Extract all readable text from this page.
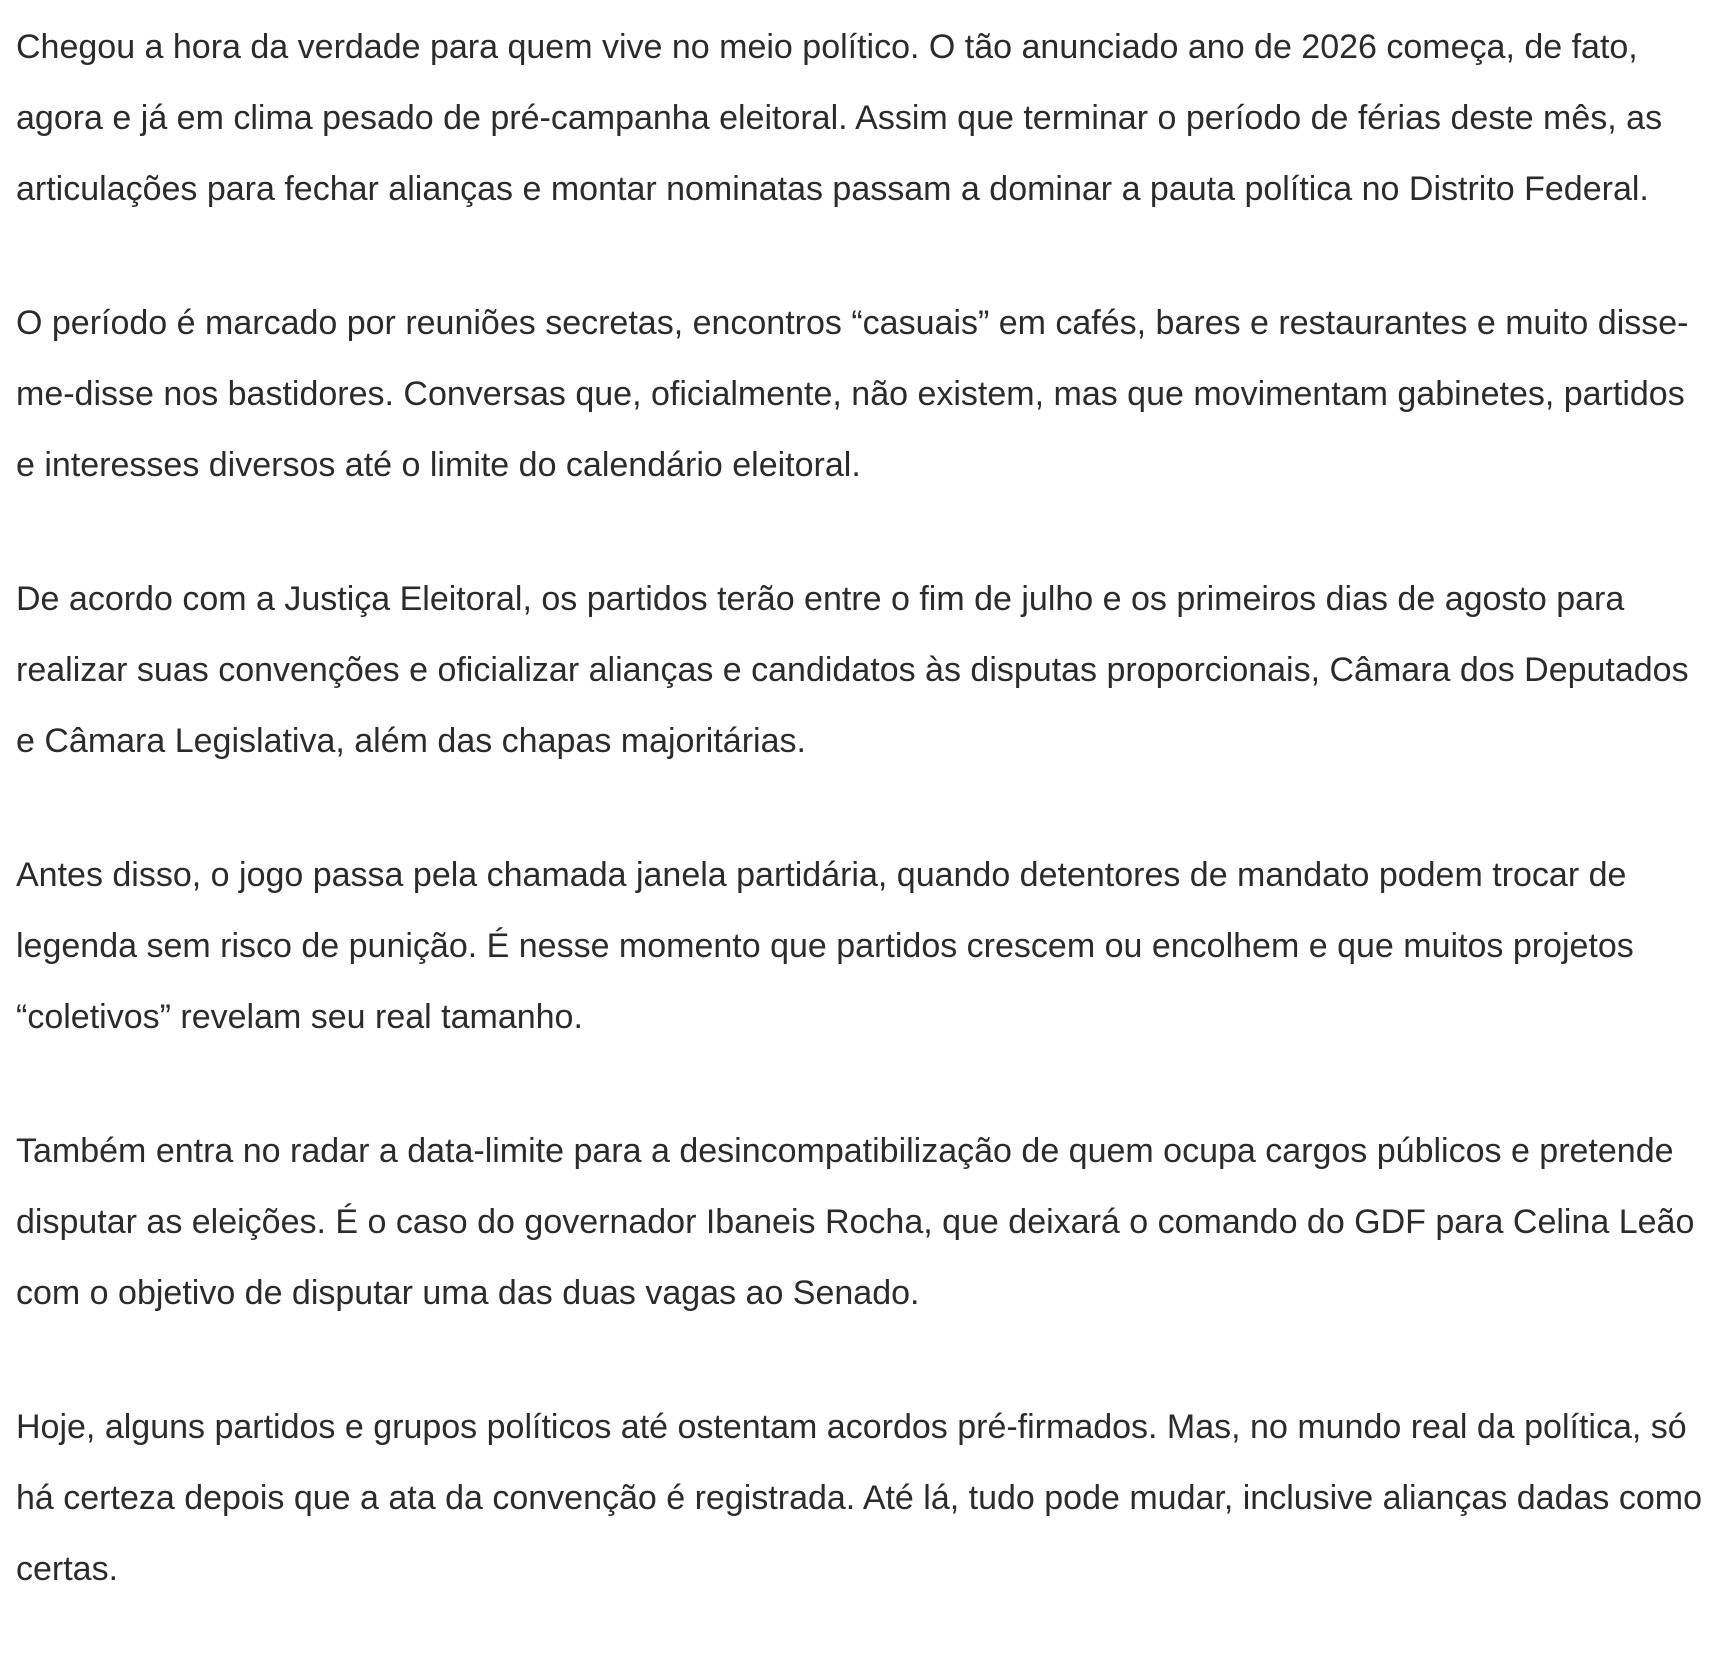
Chegou a hora da verdade para quem vive no meio político. O tão anunciado ano de 2026 começa, de fato, agora e já em clima pesado de pré-campanha eleitoral. Assim que terminar o período de férias deste mês, as articulações para fechar alianças e montar nominatas passam a dominar a pauta política no Distrito Federal.

O período é marcado por reuniões secretas, encontros “casuais” em cafés, bares e restaurantes e muito disse-me-disse nos bastidores. Conversas que, oficialmente, não existem, mas que movimentam gabinetes, partidos e interesses diversos até o limite do calendário eleitoral.

De acordo com a Justiça Eleitoral, os partidos terão entre o fim de julho e os primeiros dias de agosto para realizar suas convenções e oficializar alianças e candidatos às disputas proporcionais, Câmara dos Deputados e Câmara Legislativa, além das chapas majoritárias.

Antes disso, o jogo passa pela chamada janela partidária, quando detentores de mandato podem trocar de legenda sem risco de punição. É nesse momento que partidos crescem ou encolhem e que muitos projetos “coletivos” revelam seu real tamanho.

Também entra no radar a data-limite para a desincompatibilização de quem ocupa cargos públicos e pretende disputar as eleições. É o caso do governador Ibaneis Rocha, que deixará o comando do GDF para Celina Leão com o objetivo de disputar uma das duas vagas ao Senado.

Hoje, alguns partidos e grupos políticos até ostentam acordos pré-firmados. Mas, no mundo real da política, só há certeza depois que a ata da convenção é registrada. Até lá, tudo pode mudar, inclusive alianças dadas como certas.
